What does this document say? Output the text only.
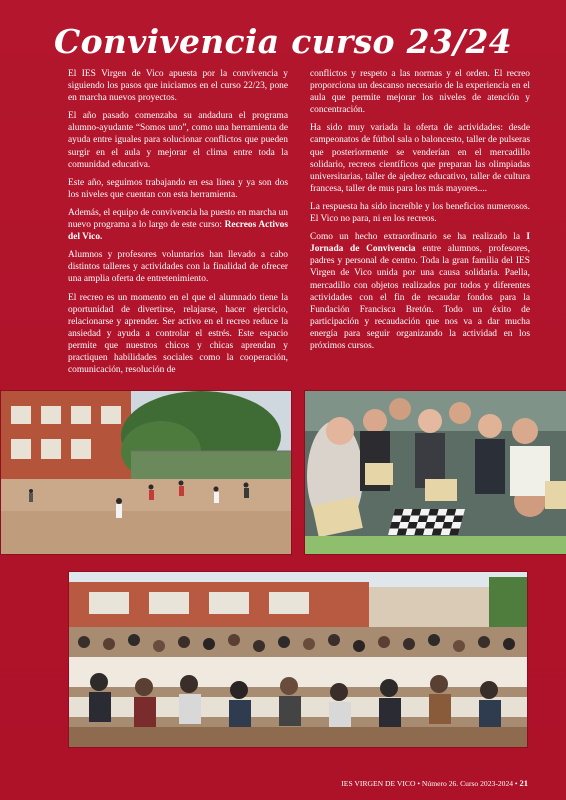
Convivencia curso 23/24

El IES Virgen de Vico apuesta por la convivencia y siguiendo los pasos que iniciamos en el curso 22/23, pone en marcha nuevos proyectos.

El año pasado comenzaba su andadura el programa alumno-ayudante “Somos uno”, como una herramienta de ayuda entre iguales para solucionar conflictos que pueden surgir en el aula y mejorar el clima entre toda la comunidad educativa.

Este año, seguimos trabajando en esa línea y ya son dos los niveles que cuentan con esta herramienta.

Además, el equipo de convivencia ha puesto en marcha un nuevo programa a lo largo de este curso: Recreos Activos del Vico.

Alumnos y profesores voluntarios han llevado a cabo distintos talleres y actividades con la finalidad de ofrecer una amplia oferta de entretenimiento.

El recreo es un momento en el que el alumnado tiene la oportunidad de divertirse, relajarse, hacer ejercicio, relacionarse y aprender. Ser activo en el recreo reduce la ansiedad y ayuda a controlar el estrés. Este espacio permite que nuestros chicos y chicas aprendan y practiquen habilidades sociales como la cooperación, comunicación, resolución de

conflictos y respeto a las normas y el orden. El recreo proporciona un descanso necesario de la experiencia en el aula que permite mejorar los niveles de atención y concentración.

Ha sido muy variada la oferta de actividades: desde campeonatos de fútbol sala o baloncesto, taller de pulseras que posteriormente se venderían en el mercadillo solidario, recreos científicos que preparan las olimpiadas universitarias, taller de ajedrez educativo, taller de cultura francesa, taller de mus para los más mayores....

La respuesta ha sido increíble y los beneficios numerosos. El Vico no para, ni en los recreos.

Como un hecho extraordinario se ha realizado la I Jornada de Convivencia entre alumnos, profesores, padres y personal de centro. Toda la gran familia del IES Virgen de Vico unida por una causa solidaria. Paella, mercadillo con objetos realizados por todos y diferentes actividades con el fin de recaudar fondos para la Fundación Francisca Bretón. Todo un éxito de participación y recaudación que nos va a dar mucha energía para seguir organizando la actividad en los próximos cursos.

IES VIRGEN DE VICO • Número 26. Curso 2023-2024 • 21
